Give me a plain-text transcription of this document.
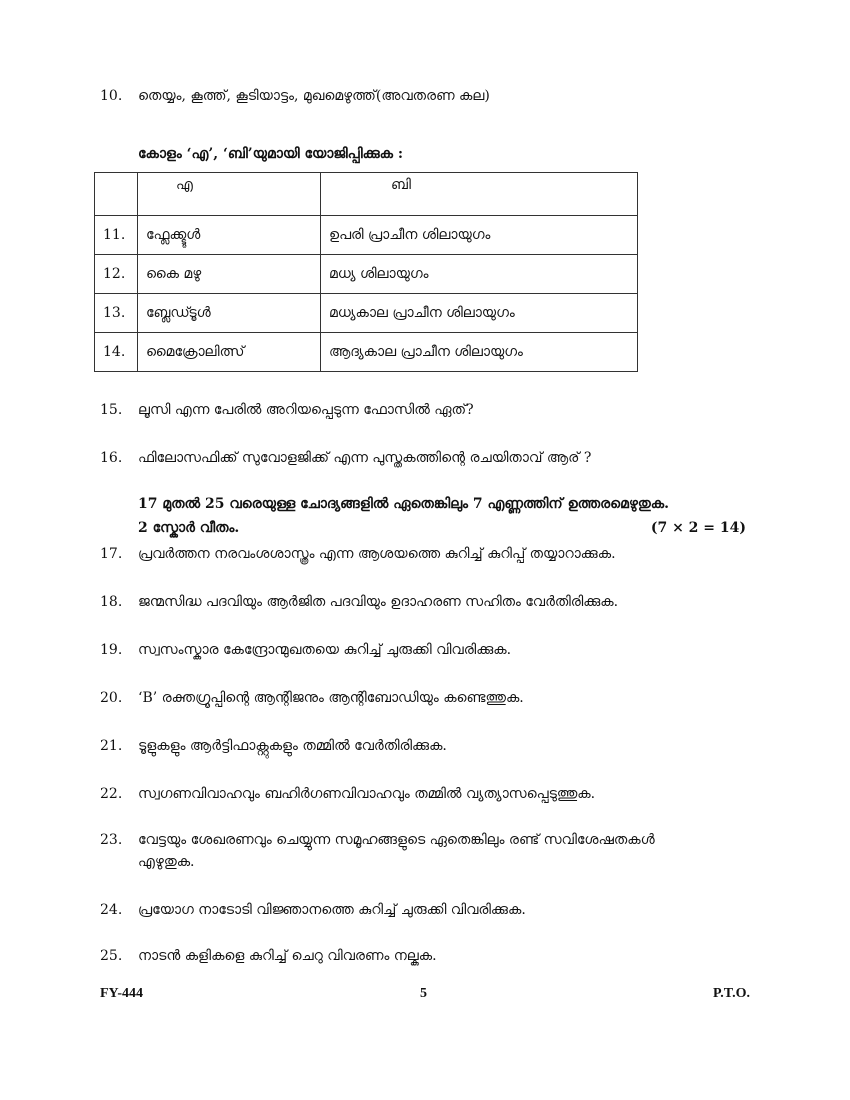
10.	തെയ്യം, കൂത്ത്, കൂടിയാട്ടം, മുഖമെഴുത്ത്(അവതരണ കല)
കോളം ‘എ’, ‘ബി’യുമായി യോജിപ്പിക്കുക :
	എ	ബി
11.	ഫ്ലേക്ക്ടൂൾ	ഉപരി പ്രാചീന ശിലായുഗം
12.	കൈ മഴു	മധ്യ ശിലായുഗം
13.	ബ്ലേഡ്ടൂൾ	മധ്യകാല പ്രാചീന ശിലായുഗം
14.	മൈക്രോലിത്സ്	ആദ്യകാല പ്രാചീന ശിലായുഗം
15.	ലൂസി എന്ന പേരിൽ അറിയപ്പെടുന്ന ഫോസിൽ ഏത്?
16.	ഫിലോസഫിക്ക് സുവോളജിക്ക് എന്ന പുസ്തകത്തിന്റെ രചയിതാവ് ആര് ?
17 മുതൽ 25 വരെയുള്ള ചോദ്യങ്ങളിൽ ഏതെങ്കിലും 7 എണ്ണത്തിന് ഉത്തരമെഴുതുക.
2 സ്കോർ വീതം.	(7 × 2 = 14)
17.	പ്രവർത്തന നരവംശശാസ്ത്രം എന്ന ആശയത്തെ കുറിച്ച് കുറിപ്പ് തയ്യാറാക്കുക.
18.	ജന്മസിദ്ധ പദവിയും ആർജിത പദവിയും ഉദാഹരണ സഹിതം വേർതിരിക്കുക.
19.	സ്വസംസ്കാര കേന്ദ്രോന്മുഖതയെ കുറിച്ച് ചുരുക്കി വിവരിക്കുക.
20.	‘B’ രക്തഗ്രൂപ്പിന്റെ ആന്റിജനും ആന്റിബോഡിയും കണ്ടെത്തുക.
21.	ടൂളുകളും ആർട്ടിഫാക്റ്റുകളും തമ്മിൽ വേർതിരിക്കുക.
22.	സ്വഗണവിവാഹവും ബഹിർഗണവിവാഹവും തമ്മിൽ വ്യത്യാസപ്പെടുത്തുക.
23.	വേട്ടയും ശേഖരണവും ചെയ്യുന്ന സമൂഹങ്ങളുടെ ഏതെങ്കിലും രണ്ട് സവിശേഷതകൾ
എഴുതുക.
24.	പ്രയോഗ നാടോടി വിജ്ഞാനത്തെ കുറിച്ച് ചുരുക്കി വിവരിക്കുക.
25.	നാടൻ കളികളെ കുറിച്ച് ചെറു വിവരണം നല്കുക.
FY-444	5	P.T.O.
